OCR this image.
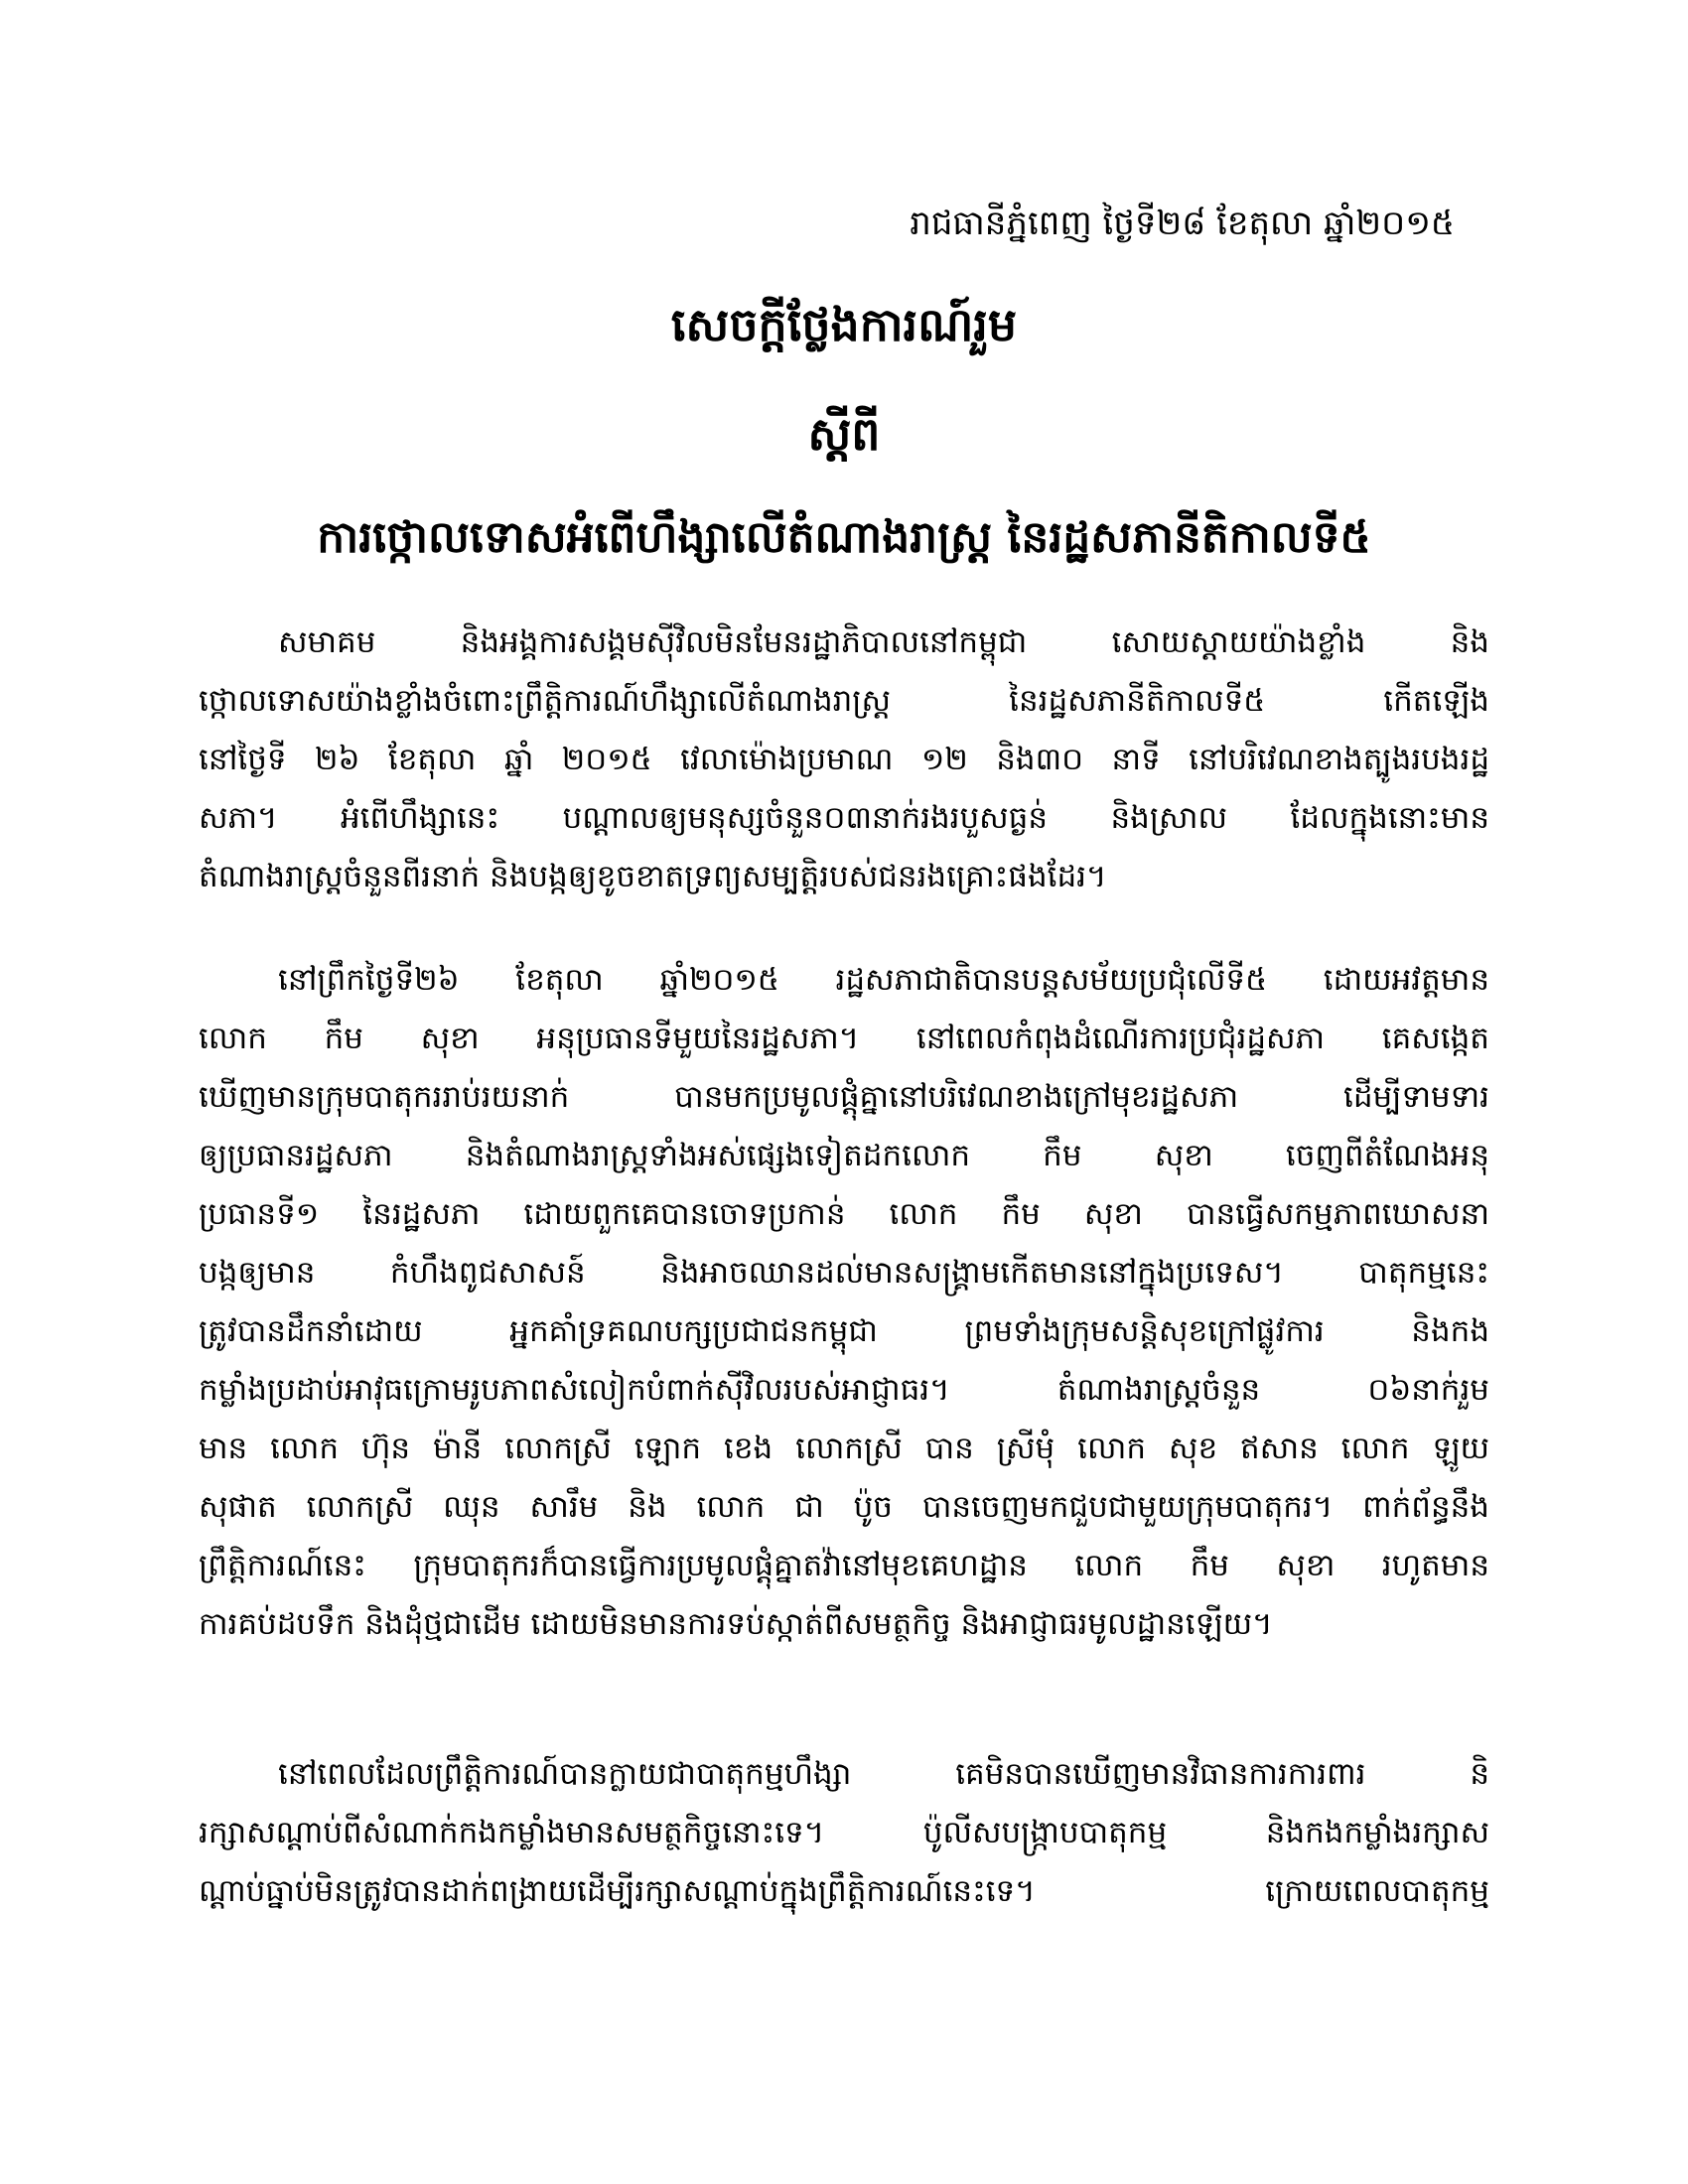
រាជធានីភ្នំពេញ ថ្ងៃទី២៨ ខែតុលា ឆ្នាំ២០១៥
សេចក្តីថ្លែងការណ៍រួម
ស្តីពី
ការថ្កោលទោសអំពើហឹង្សាលើតំណាងរាស្ត្រ នៃរដ្ឋសភានីតិកាលទី៥
សមាគម និងអង្គការសង្គមស៊ីវិលមិនមែនរដ្ឋាភិបាលនៅកម្ពុជា សោយស្តាយយ៉ាងខ្លាំង និង
ថ្កោលទោសយ៉ាងខ្លាំងចំពោះព្រឹត្តិការណ៍ហឹង្សាលើតំណាងរាស្ត្រ នៃរដ្ឋសភានីតិកាលទី៥ កើតឡើង
នៅថ្ងៃទី ២៦ ខែតុលា ឆ្នាំ ២០១៥ វេលាម៉ោងប្រមាណ ១២ និង៣០ នាទី នៅបរិវេណខាងត្បូងរបងរដ្ឋ
សភា។ អំពើហឹង្សានេះ បណ្តាលឲ្យមនុស្សចំនួន០៣នាក់រងរបួសធ្ងន់ និងស្រាល ដែលក្នុងនោះមាន
តំណាងរាស្ត្រចំនួនពីរនាក់ និងបង្កឲ្យខូចខាតទ្រព្យសម្បត្តិរបស់ជនរងគ្រោះផងដែរ។
នៅព្រឹកថ្ងៃទី២៦ ខែតុលា ឆ្នាំ២០១៥ រដ្ឋសភាជាតិបានបន្តសម័យប្រជុំលើទី៥ ដោយអវត្តមាន
លោក កឹម សុខា អនុប្រធានទីមួយនៃរដ្ឋសភា។ នៅពេលកំពុងដំណើរការប្រជុំរដ្ឋសភា គេសង្កេត
ឃើញមានក្រុមបាតុកររាប់រយនាក់ បានមកប្រមូលផ្តុំគ្នានៅបរិវេណខាងក្រៅមុខរដ្ឋសភា ដើម្បីទាមទារ
ឲ្យប្រធានរដ្ឋសភា និងតំណាងរាស្ត្រទាំងអស់ផ្សេងទៀតដកលោក កឹម សុខា ចេញពីតំណែងអនុ
ប្រធានទី១ នៃរដ្ឋសភា ដោយពួកគេបានចោទប្រកាន់ លោក កឹម សុខា បានធ្វើសកម្មភាពឃោសនា
បង្កឲ្យមាន កំហឹងពូជសាសន៍ និងអាចឈានដល់មានសង្គ្រាមកើតមាននៅក្នុងប្រទេស។ បាតុកម្មនេះ
ត្រូវបានដឹកនាំដោយ អ្នកគាំទ្រគណបក្សប្រជាជនកម្ពុជា ព្រមទាំងក្រុមសន្តិសុខក្រៅផ្លូវការ និងកង
កម្លាំងប្រដាប់អាវុធក្រោមរូបភាពសំលៀកបំពាក់ស៊ីវិលរបស់អាជ្ញាធរ។ តំណាងរាស្ត្រចំនួន ០៦នាក់រួម
មាន លោក ហ៊ុន ម៉ានី លោកស្រី ឡោក ខេង លោកស្រី បាន ស្រីមុំ លោក សុខ ឥសាន លោក ឡូយ
សុផាត លោកស្រី ឈុន សារឹម និង លោក ជា ប៉ូច បានចេញមកជួបជាមួយក្រុមបាតុករ។ ពាក់ព័ន្ធនឹង
ព្រឹត្តិការណ៍នេះ ក្រុមបាតុករក៏បានធ្វើការប្រមូលផ្តុំគ្នាតវ៉ានៅមុខគេហដ្ឋាន លោក កឹម សុខា រហូតមាន
ការគប់ដបទឹក និងដុំថ្មជាដើម ដោយមិនមានការទប់ស្កាត់ពីសមត្ថកិច្ច និងអាជ្ញាធរមូលដ្ឋានឡើយ។
នៅពេលដែលព្រឹត្តិការណ៍បានក្លាយជាបាតុកម្មហឹង្សា គេមិនបានឃើញមានវិធានការការពារ និ
រក្សាសណ្តាប់ពីសំណាក់កងកម្លាំងមានសមត្ថកិច្ចនោះទេ។ ប៉ូលីសបង្ក្រាបបាតុកម្ម និងកងកម្លាំងរក្សាស
ណ្តាប់ធ្នាប់មិនត្រូវបានដាក់ពង្រាយដើម្បីរក្សាសណ្តាប់ក្នុងព្រឹត្តិការណ៍នេះទេ។ ក្រោយពេលបាតុកម្ម
